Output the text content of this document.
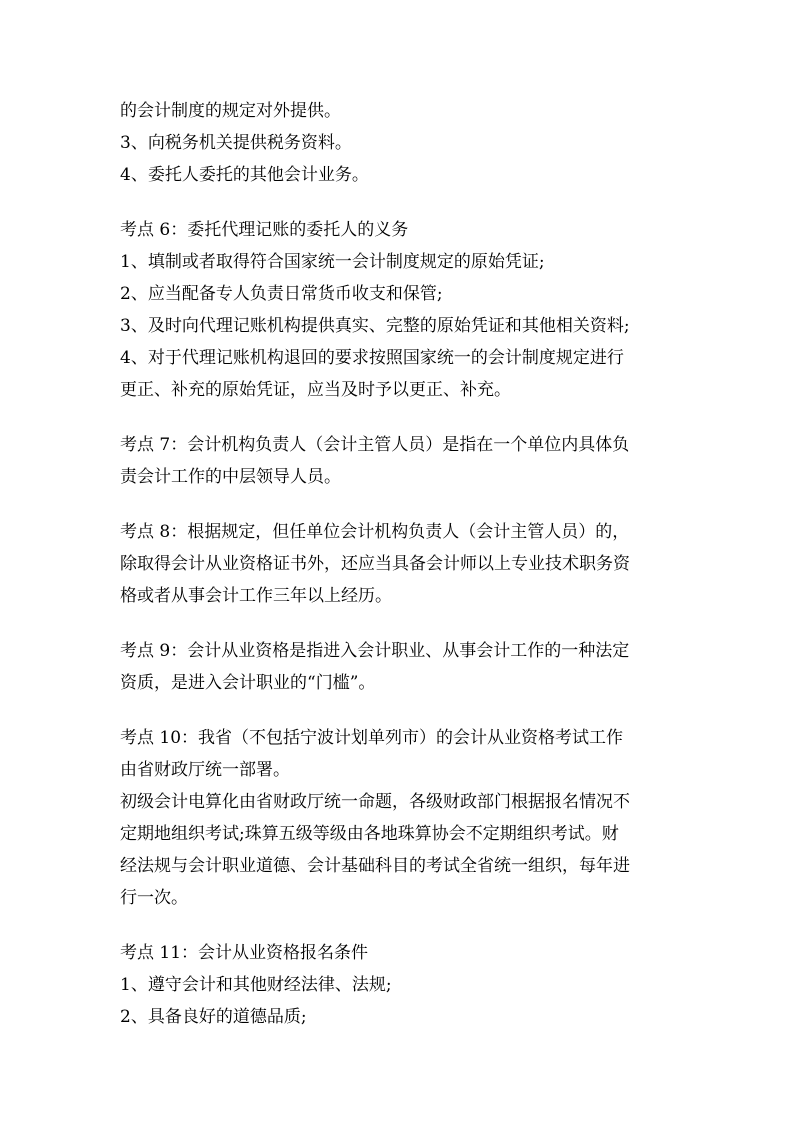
的会计制度的规定对外提供。
3、向税务机关提供税务资料。
4、委托人委托的其他会计业务。
考点 6：委托代理记账的委托人的义务
1、填制或者取得符合国家统一会计制度规定的原始凭证;
2、应当配备专人负责日常货币收支和保管;
3、及时向代理记账机构提供真实、完整的原始凭证和其他相关资料;
4、对于代理记账机构退回的要求按照国家统一的会计制度规定进行
更正、补充的原始凭证，应当及时予以更正、补充。
考点 7：会计机构负责人（会计主管人员）是指在一个单位内具体负
责会计工作的中层领导人员。
考点 8：根据规定，但任单位会计机构负责人（会计主管人员）的，
除取得会计从业资格证书外，还应当具备会计师以上专业技术职务资
格或者从事会计工作三年以上经历。
考点 9：会计从业资格是指进入会计职业、从事会计工作的一种法定
资质，是进入会计职业的“门槛”。
考点 10：我省（不包括宁波计划单列市）的会计从业资格考试工作
由省财政厅统一部署。
初级会计电算化由省财政厅统一命题，各级财政部门根据报名情况不
定期地组织考试;珠算五级等级由各地珠算协会不定期组织考试。财
经法规与会计职业道德、会计基础科目的考试全省统一组织，每年进
行一次。
考点 11：会计从业资格报名条件
1、遵守会计和其他财经法律、法规;
2、具备良好的道德品质;
